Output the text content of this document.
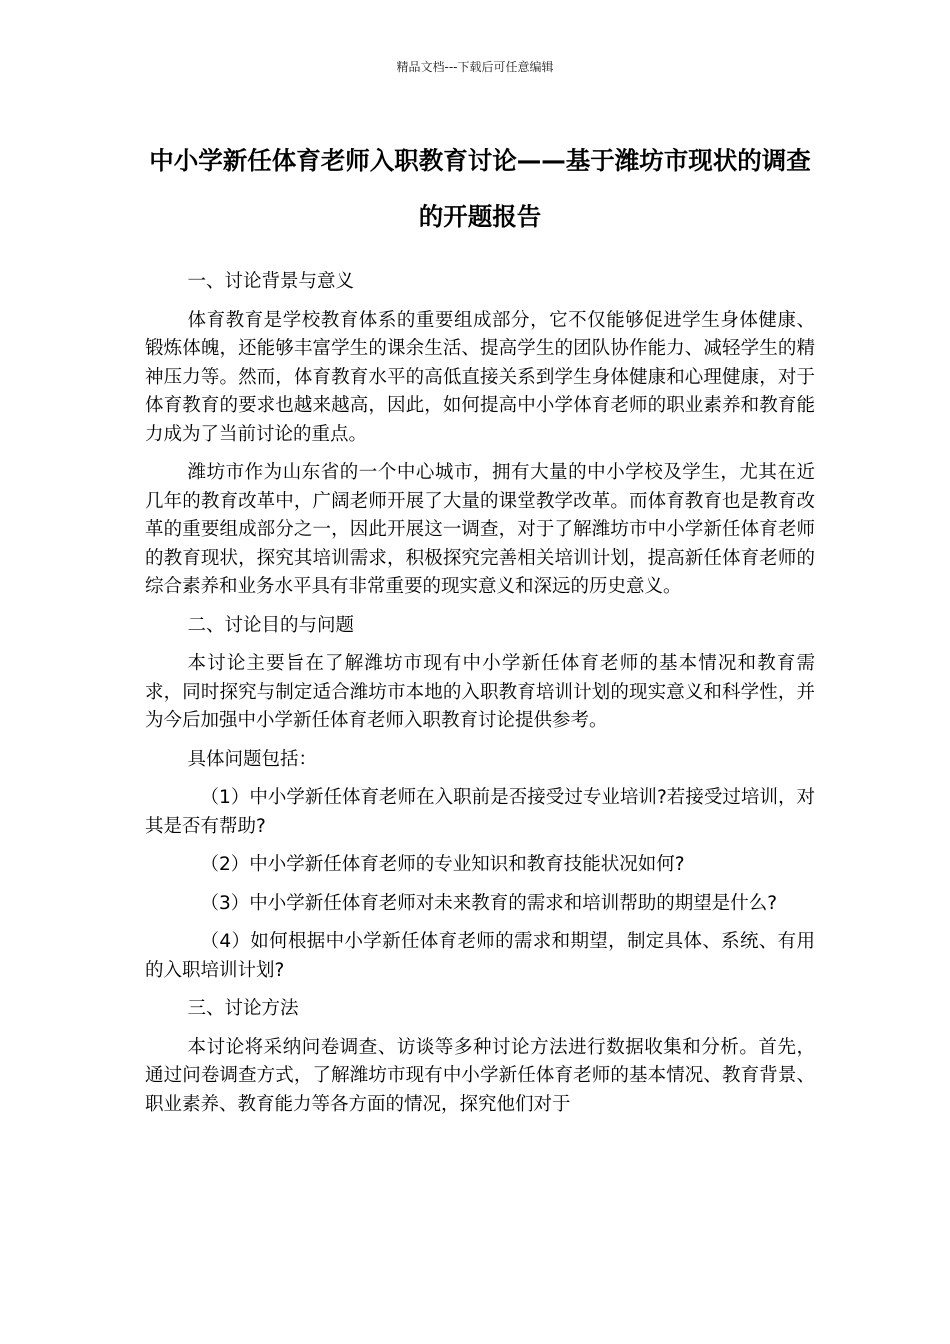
精品文档---下载后可任意编辑
中小学新任体育老师入职教育讨论——基于潍坊市现状的调查的开题报告
一、讨论背景与意义

体育教育是学校教育体系的重要组成部分，它不仅能够促进学生身体健康、锻炼体魄，还能够丰富学生的课余生活、提高学生的团队协作能力、减轻学生的精神压力等。然而，体育教育水平的高低直接关系到学生身体健康和心理健康，对于体育教育的要求也越来越高，因此，如何提高中小学体育老师的职业素养和教育能力成为了当前讨论的重点。

潍坊市作为山东省的一个中心城市，拥有大量的中小学校及学生，尤其在近几年的教育改革中，广阔老师开展了大量的课堂教学改革。而体育教育也是教育改革的重要组成部分之一，因此开展这一调查，对于了解潍坊市中小学新任体育老师的教育现状，探究其培训需求，积极探究完善相关培训计划，提高新任体育老师的综合素养和业务水平具有非常重要的现实意义和深远的历史意义。

二、讨论目的与问题

本讨论主要旨在了解潍坊市现有中小学新任体育老师的基本情况和教育需求，同时探究与制定适合潍坊市本地的入职教育培训计划的现实意义和科学性，并为今后加强中小学新任体育老师入职教育讨论提供参考。

具体问题包括：

（1）中小学新任体育老师在入职前是否接受过专业培训?若接受过培训，对其是否有帮助?

（2）中小学新任体育老师的专业知识和教育技能状况如何?

（3）中小学新任体育老师对未来教育的需求和培训帮助的期望是什么?

（4）如何根据中小学新任体育老师的需求和期望，制定具体、系统、有用的入职培训计划?

三、讨论方法

本讨论将采纳问卷调查、访谈等多种讨论方法进行数据收集和分析。首先，通过问卷调查方式，了解潍坊市现有中小学新任体育老师的基本情况、教育背景、职业素养、教育能力等各方面的情况，探究他们对于
